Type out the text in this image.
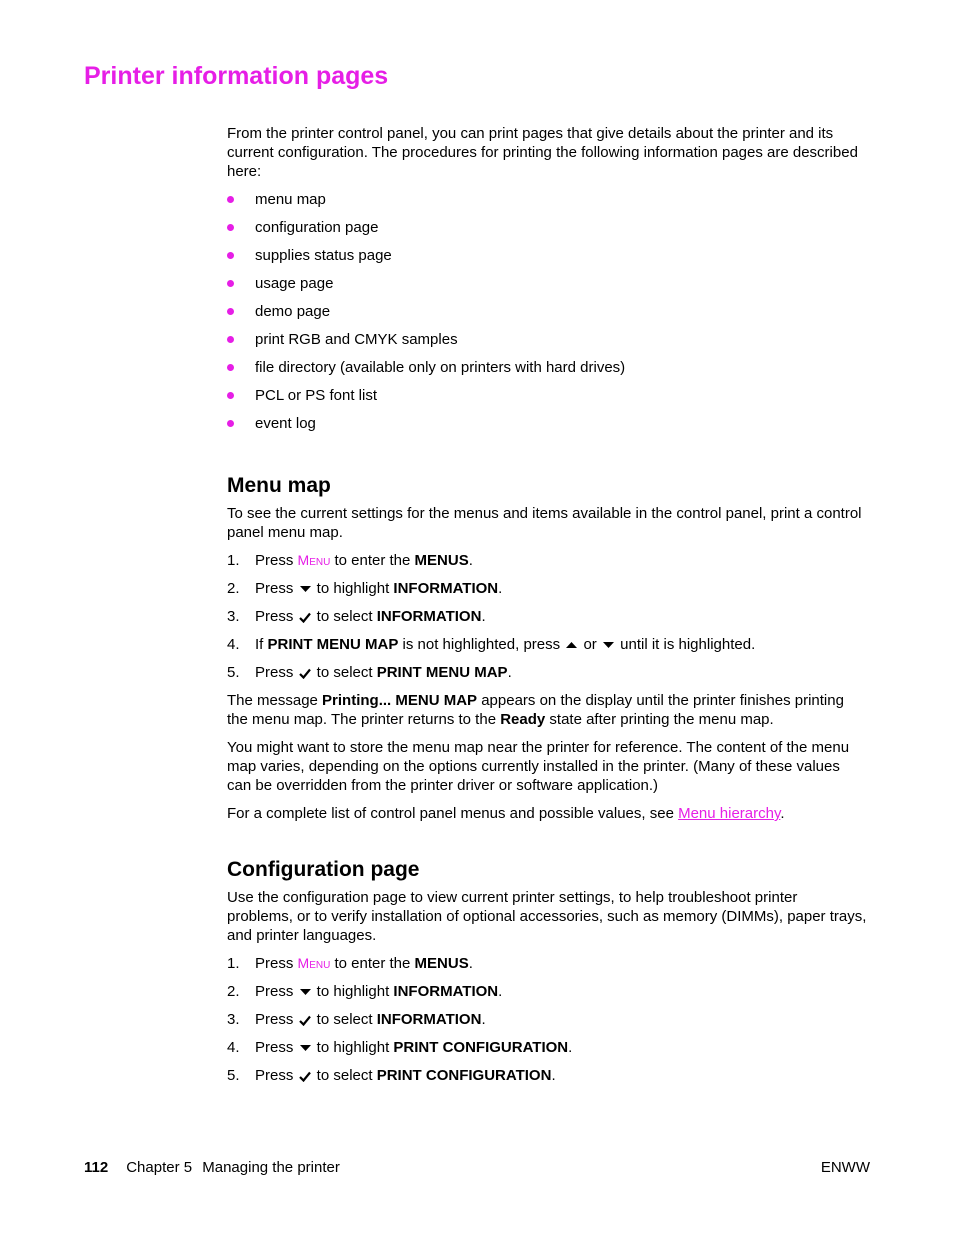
Printer information pages

From the printer control panel, you can print pages that give details about the printer and its current configuration. The procedures for printing the following information pages are described here:

menu map
configuration page
supplies status page
usage page
demo page
print RGB and CMYK samples
file directory (available only on printers with hard drives)
PCL or PS font list
event log
Menu map

To see the current settings for the menus and items available in the control panel, print a control panel menu map.

1. Press MENU to enter the MENUS.
2. Press
to highlight INFORMATION.
3. Press
to select INFORMATION.
4. If PRINT MENU MAP is not highlighted, press
or
until it is highlighted.
5. Press
to select PRINT MENU MAP.

The message Printing... MENU MAP appears on the display until the printer finishes printing the menu map. The printer returns to the Ready state after printing the menu map.

You might want to store the menu map near the printer for reference. The content of the menu map varies, depending on the options currently installed in the printer. (Many of these values can be overridden from the printer driver or software application.)

For a complete list of control panel menus and possible values, see Menu hierarchy.

Configuration page

Use the configuration page to view current printer settings, to help troubleshoot printer problems, or to verify installation of optional accessories, such as memory (DIMMs), paper trays, and printer languages.

1. Press MENU to enter the MENUS.
2. Press
to highlight INFORMATION.
3. Press
to select INFORMATION.
4. Press
to highlight PRINT CONFIGURATION.
5. Press
to select PRINT CONFIGURATION.
112 Chapter 5 Managing the printer	ENWW
